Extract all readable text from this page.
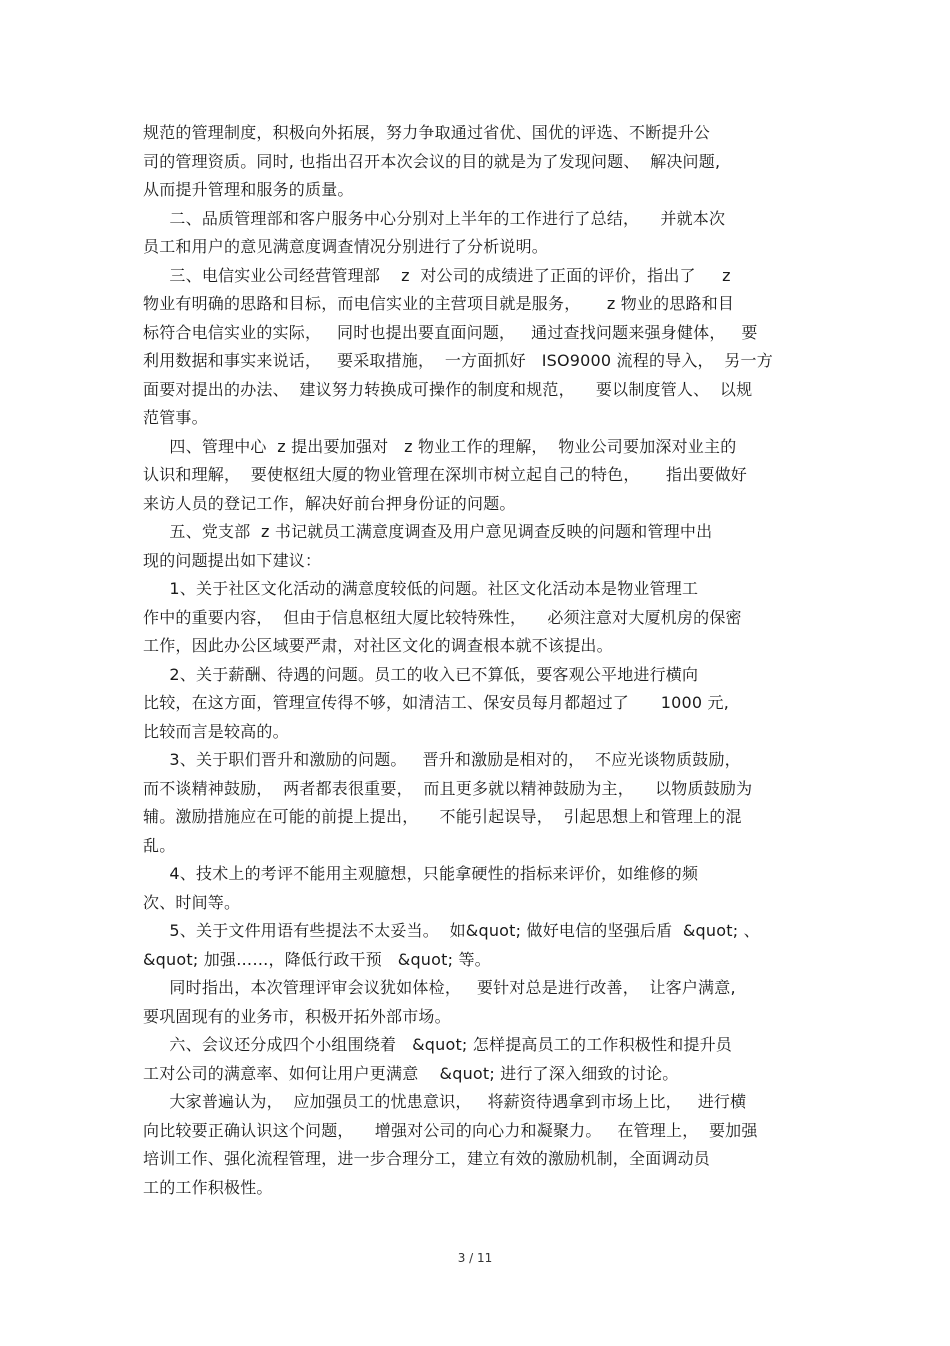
规范的管理制度，积极向外拓展，努力争取通过省优、国优的评选、不断提升公
司的管理资质。同时, 也指出召开本次会议的目的就是为了发现问题、  解决问题,
从而提升管理和服务的质量。
二、品质管理部和客户服务中心分别对上半年的工作进行了总结，    并就本次
员工和用户的意见满意度调查情况分别进行了分析说明。
三、电信实业公司经营管理部    z  对公司的成绩进了正面的评价，指出了     z
物业有明确的思路和目标，而电信实业的主营项目就是服务，     z 物业的思路和目
标符合电信实业的实际，   同时也提出要直面问题，   通过查找问题来强身健体，   要
利用数据和事实来说话，   要采取措施，  一方面抓好   ISO9000 流程的导入，  另一方
面要对提出的办法、  建议努力转换成可操作的制度和规范，    要以制度管人、  以规
范管事。
四、管理中心  z 提出要加强对   z 物业工作的理解，  物业公司要加深对业主的
认识和理解，  要使枢纽大厦的物业管理在深圳市树立起自己的特色，     指出要做好
来访人员的登记工作，解决好前台押身份证的问题。
五、党支部  z 书记就员工满意度调查及用户意见调查反映的问题和管理中出
现的问题提出如下建议：
1、关于社区文化活动的满意度较低的问题。社区文化活动本是物业管理工
作中的重要内容，  但由于信息枢纽大厦比较特殊性，    必须注意对大厦机房的保密
工作，因此办公区域要严肃，对社区文化的调查根本就不该提出。
2、关于薪酬、待遇的问题。员工的收入已不算低，要客观公平地进行横向
比较，在这方面，管理宣传得不够，如清洁工、保安员每月都超过了      1000 元,
比较而言是较高的。
3、关于职们晋升和激励的问题。   晋升和激励是相对的，  不应光谈物质鼓励，
而不谈精神鼓励，  两者都表很重要，  而且更多就以精神鼓励为主，    以物质鼓励为
辅。激励措施应在可能的前提上提出，    不能引起误导，  引起思想上和管理上的混
乱。
4、技术上的考评不能用主观臆想，只能拿硬性的指标来评价，如维修的频
次、时间等。
5、关于文件用语有些提法不太妥当。  如&quot; 做好电信的坚强后盾  &quot; 、
&quot; 加强……，降低行政干预   &quot; 等。
同时指出，本次管理评审会议犹如体检，   要针对总是进行改善，  让客户满意,
要巩固现有的业务市，积极开拓外部市场。
六、会议还分成四个小组围绕着   &quot; 怎样提高员工的工作积极性和提升员
工对公司的满意率、如何让用户更满意    &quot; 进行了深入细致的讨论。
大家普遍认为，  应加强员工的忧患意识，   将薪资待遇拿到市场上比，   进行横
向比较要正确认识这个问题，    增强对公司的向心力和凝聚力。   在管理上，  要加强
培训工作、强化流程管理，进一步合理分工，建立有效的激励机制，全面调动员
工的工作积极性。
3 / 11
